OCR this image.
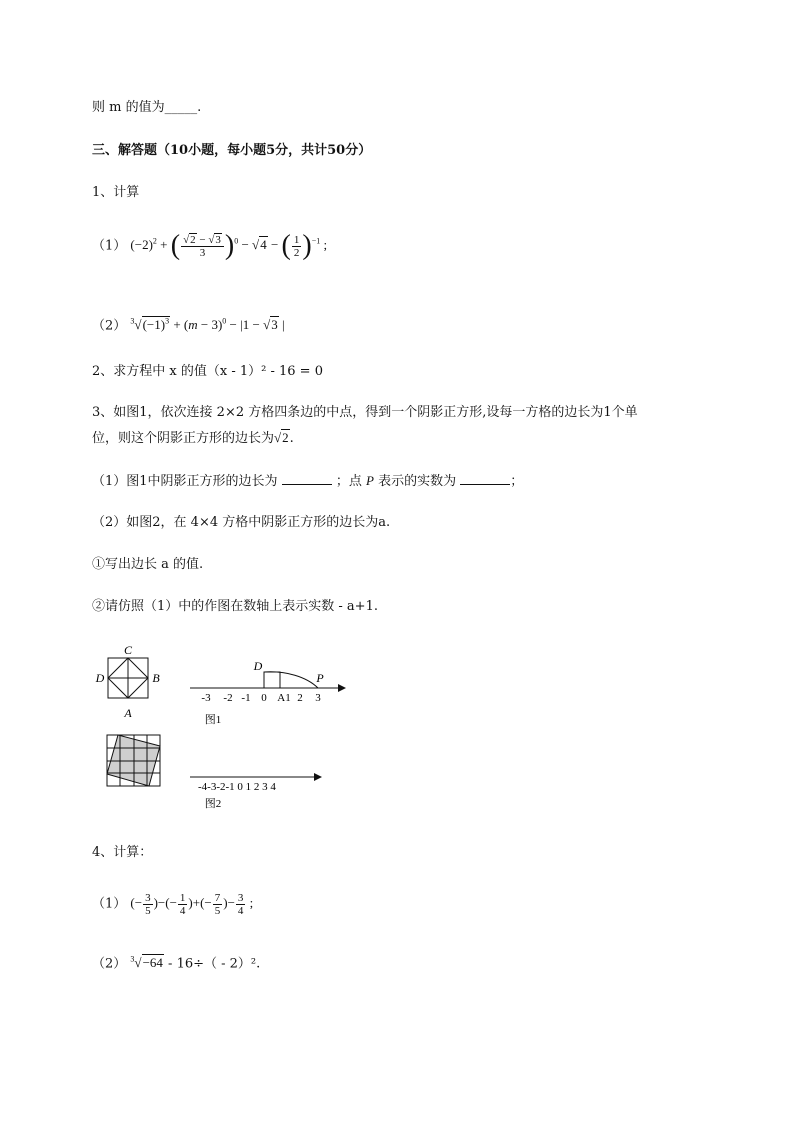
则 m 的值为_____.
三、解答题（10小题，每小题5分，共计50分）
1、计算
（1） $(-2)^2$ + ( $\frac{√2 - √3}{3} )^0 - √4$ − ( $\frac{1}{2} )^{-1}$ ;
（2） $^3√(-1)^3 + (m - 3)^0 - |1 - √3$ |
2、求方程中 x 的值（x - 1）² - 16 = 0
3、如图1，依次连接 2×2 方格四条边的中点，得到一个阴影正方形,设每一方格的边长为1个单
位，则这个阴影正方形的边长为√2.
（1）图1中阴影正方形的边长为	；点 P 表示的实数为	；
（2）如图2，在 4×4 方格中阴影正方形的边长为a.
①写出边长 a 的值.
②请仿照（1）中的作图在数轴上表示实数 - a+1.
C
D	B
A
D
P
-3 -2 -1 0 A1 2 3
图1
-4-3-2-1 0 1 2 3 4
图2
4、计算：
（1） (− $\frac{3}{5}$ )−(− $\frac{1}{4}$ )+(− $\frac{7}{5}$ )− $\frac{3}{4}$ ;
（2） $^3$√−64 - 16÷（ - 2）².
